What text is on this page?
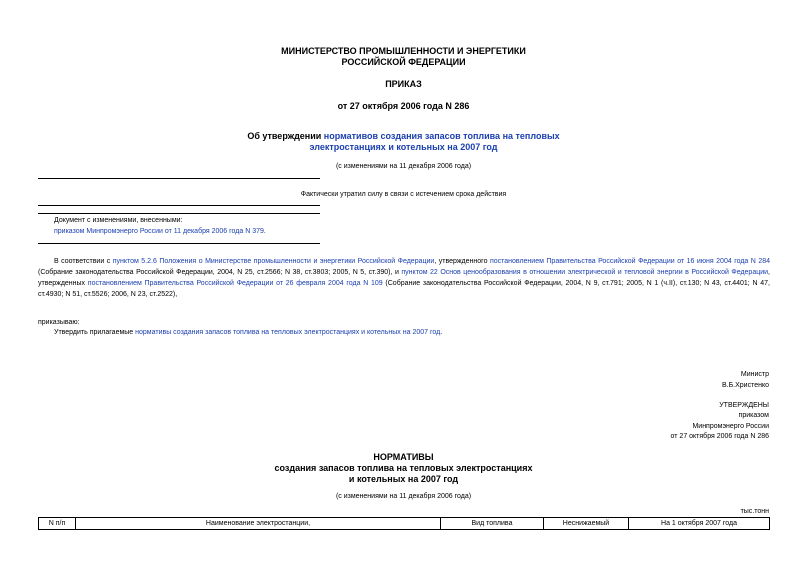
МИНИСТЕРСТВО ПРОМЫШЛЕННОСТИ И ЭНЕРГЕТИКИ
РОССИЙСКОЙ ФЕДЕРАЦИИ
ПРИКАЗ
от 27 октября 2006 года N 286
Об утверждении нормативов создания запасов топлива на тепловых
электростанциях и котельных на 2007 год
(с изменениями на 11 декабря 2006 года)
Фактически утратил силу в связи с истечением срока действия
Документ с изменениями, внесенными:
приказом Минпромэнерго России от 11 декабря 2006 года N 379.
В соответствии с пунктом 5.2.6 Положения о Министерстве промышленности и энергетики Российской Федерации, утвержденного постановлением Правительства Российской Федерации от 16 июня 2004 года N 284 (Собрание законодательства Российской Федерации, 2004, N 25, ст.2566; N 38, ст.3803; 2005, N 5, ст.390), и пунктом 22 Основ ценообразования в отношении электрической и тепловой энергии в Российской Федерации, утвержденных постановлением Правительства Российской Федерации от 26 февраля 2004 года N 109 (Собрание законодательства Российской Федерации, 2004, N 9, ст.791; 2005, N 1 (ч.II), ст.130; N 43, ст.4401; N 47, ст.4930; N 51, ст.5526; 2006, N 23, ст.2522),
приказываю:
Утвердить прилагаемые нормативы создания запасов топлива на тепловых электростанциях и котельных на 2007 год.
Министр
В.Б.Христенко
УТВЕРЖДЕНЫ
приказом
Минпромэнерго России
от 27 октября 2006 года N 286
НОРМАТИВЫ
создания запасов топлива на тепловых электростанциях
и котельных на 2007 год
(с изменениями на 11 декабря 2006 года)
тыс.тонн
N п/п	Наименование электростанции,	Вид топлива	Неснижаемый	На 1 октября 2007 года
